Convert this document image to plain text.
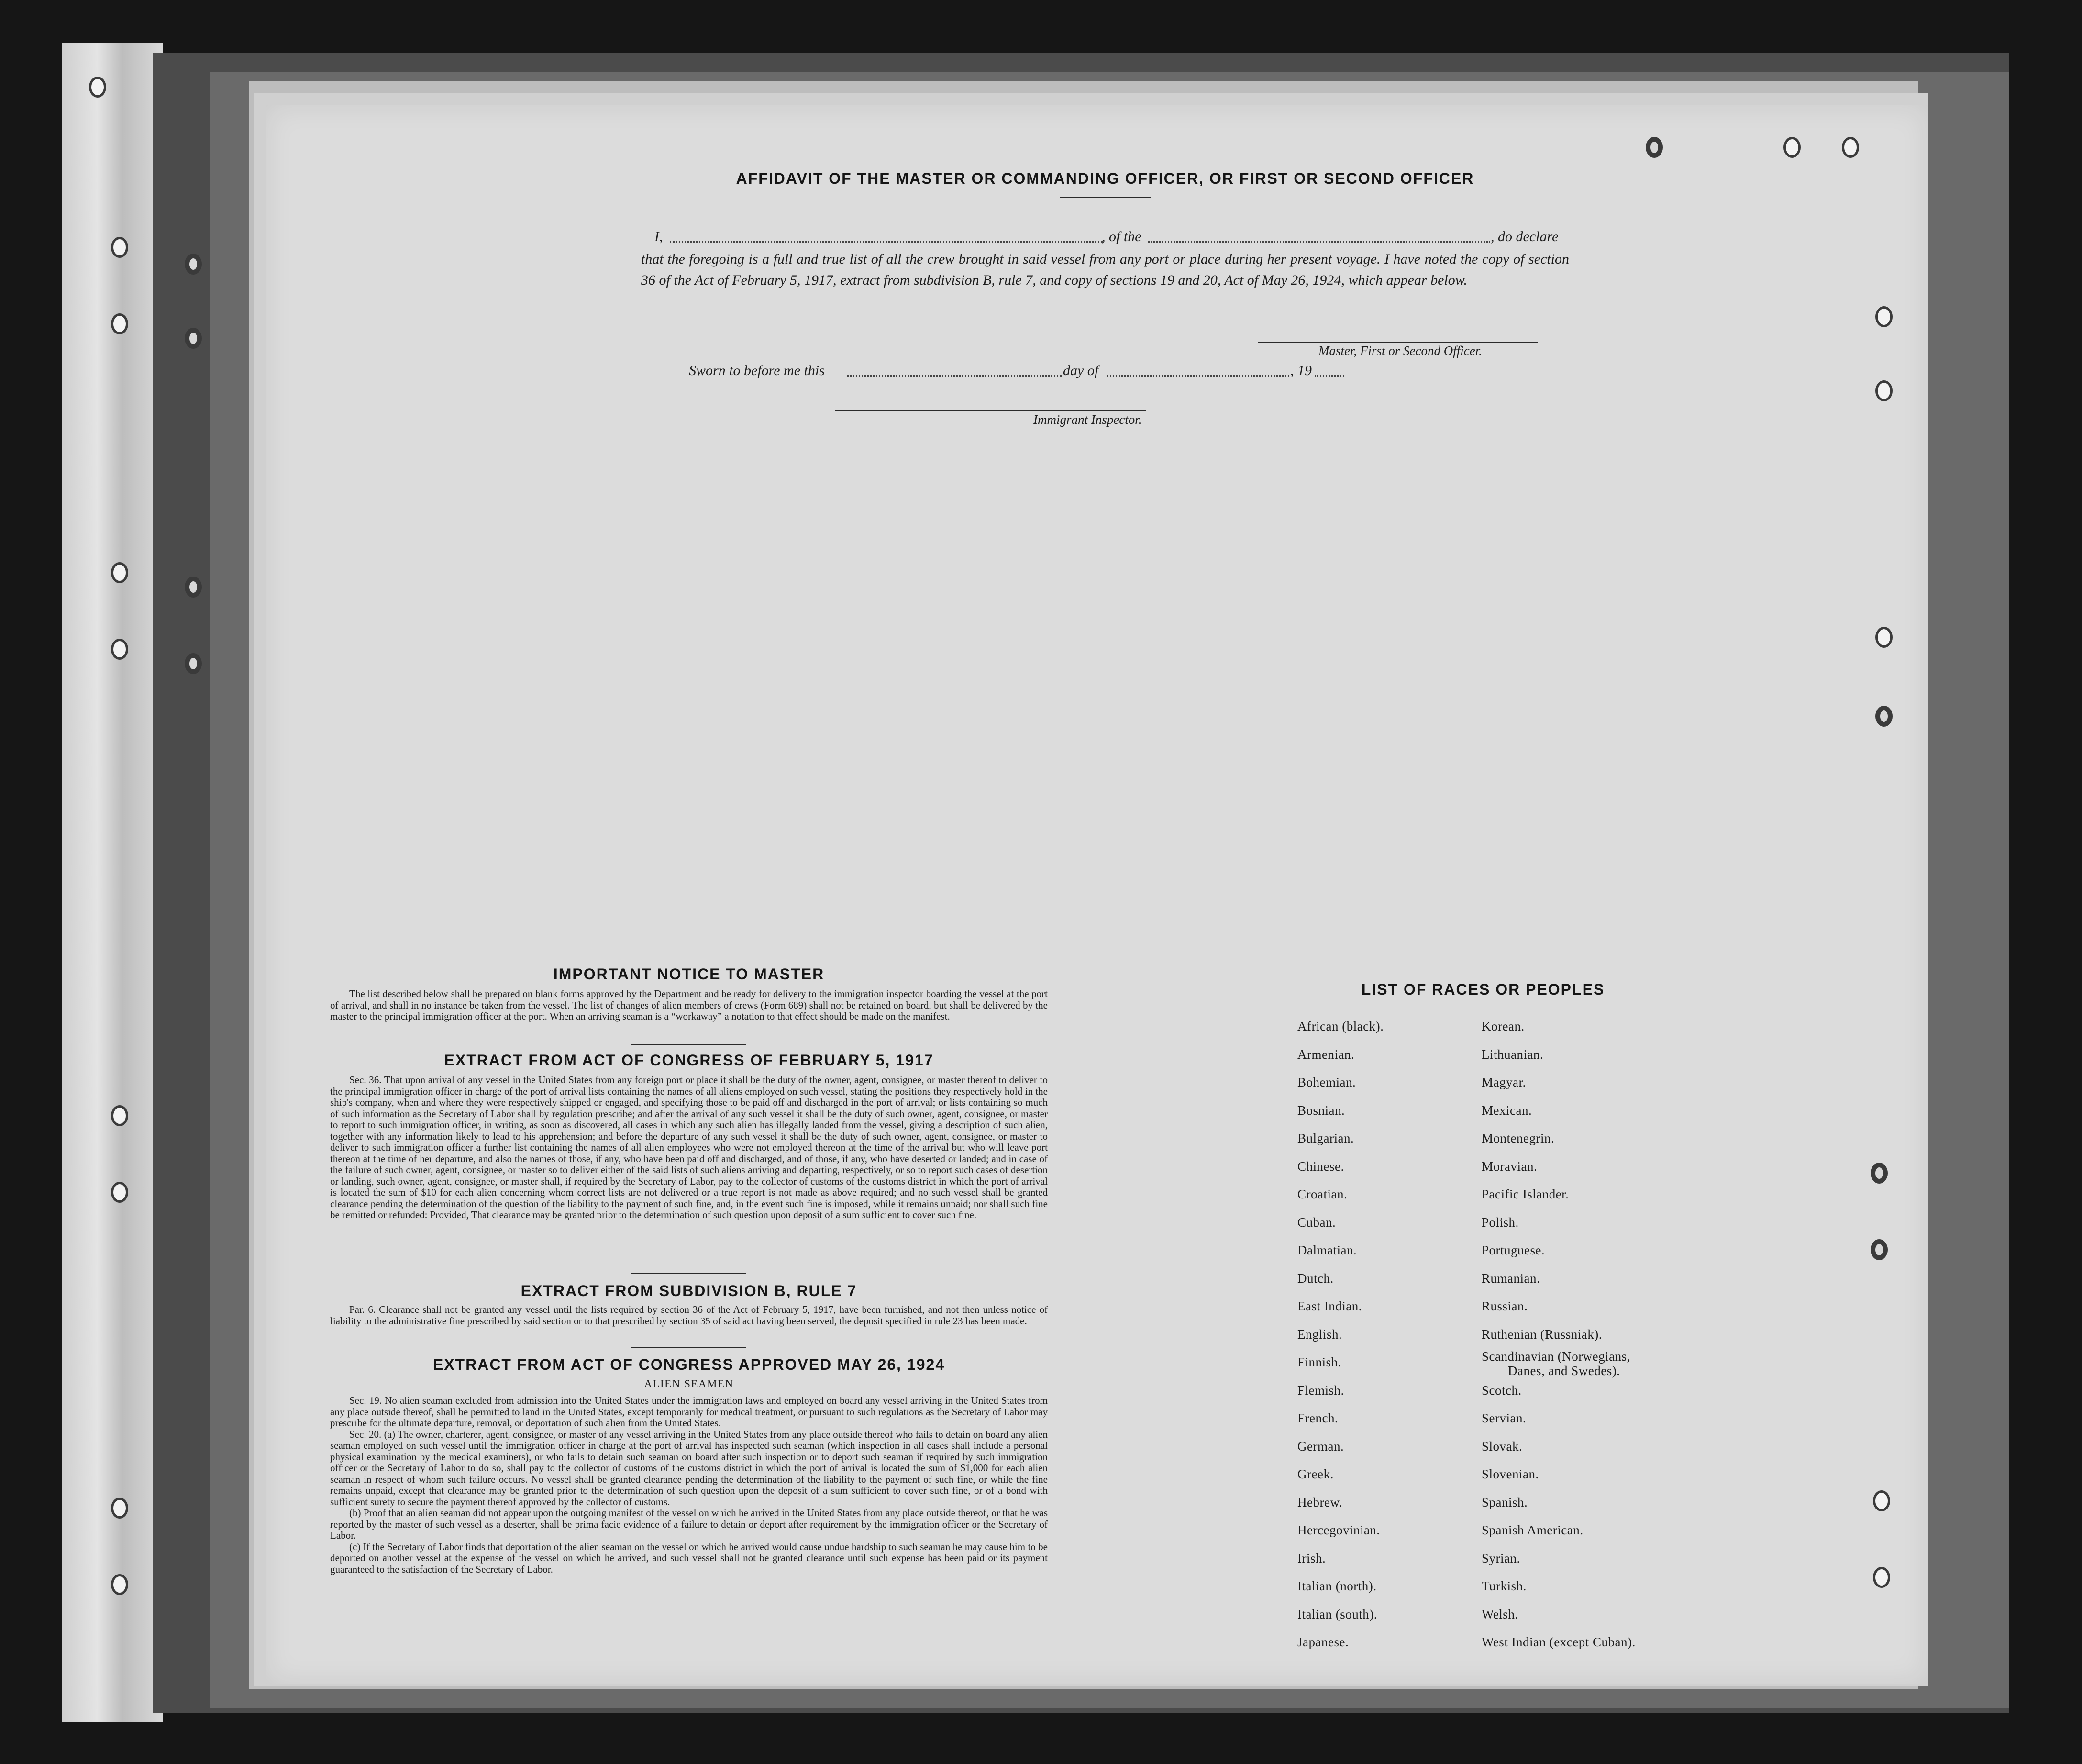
AFFIDAVIT OF THE MASTER OR COMMANDING OFFICER, OR FIRST OR SECOND OFFICER
I,	, of the	, do declare
that the foregoing is a full and true list of all the crew brought in said vessel from any port or place during her present voyage. I have noted the copy of section 36 of the Act of February 5, 1917, extract from subdivision B, rule 7, and copy of sections 19 and 20, Act of May 26, 1924, which appear below.
Master, First or Second Officer.
Sworn to before me this	day of	, 19
Immigrant Inspector.
IMPORTANT NOTICE TO MASTER

The list described below shall be prepared on blank forms approved by the Department and be ready for delivery to the immigration inspector boarding the vessel at the port of arrival, and shall in no instance be taken from the vessel. The list of changes of alien members of crews (Form 689) shall not be retained on board, but shall be delivered by the master to the principal immigration officer at the port. When an arriving seaman is a “workaway” a notation to that effect should be made on the manifest.

EXTRACT FROM ACT OF CONGRESS OF FEBRUARY 5, 1917

Sec. 36. That upon arrival of any vessel in the United States from any foreign port or place it shall be the duty of the owner, agent, consignee, or master thereof to deliver to the principal immigration officer in charge of the port of arrival lists containing the names of all aliens employed on such vessel, stating the positions they respectively hold in the ship's company, when and where they were respectively shipped or engaged, and specifying those to be paid off and discharged in the port of arrival; or lists containing so much of such information as the Secretary of Labor shall by regulation prescribe; and after the arrival of any such vessel it shall be the duty of such owner, agent, consignee, or master to report to such immigration officer, in writing, as soon as discovered, all cases in which any such alien has illegally landed from the vessel, giving a description of such alien, together with any information likely to lead to his apprehension; and before the departure of any such vessel it shall be the duty of such owner, agent, consignee, or master to deliver to such immigration officer a further list containing the names of all alien employees who were not employed thereon at the time of the arrival but who will leave port thereon at the time of her departure, and also the names of those, if any, who have been paid off and discharged, and of those, if any, who have deserted or landed; and in case of the failure of such owner, agent, consignee, or master so to deliver either of the said lists of such aliens arriving and departing, respectively, or so to report such cases of desertion or landing, such owner, agent, consignee, or master shall, if required by the Secretary of Labor, pay to the collector of customs of the customs district in which the port of arrival is located the sum of $10 for each alien concerning whom correct lists are not delivered or a true report is not made as above required; and no such vessel shall be granted clearance pending the determination of the question of the liability to the payment of such fine, and, in the event such fine is imposed, while it remains unpaid; nor shall such fine be remitted or refunded: Provided, That clearance may be granted prior to the determination of such question upon deposit of a sum sufficient to cover such fine.

EXTRACT FROM SUBDIVISION B, RULE 7

Par. 6. Clearance shall not be granted any vessel until the lists required by section 36 of the Act of February 5, 1917, have been furnished, and not then unless notice of liability to the administrative fine prescribed by said section or to that prescribed by section 35 of said act having been served, the deposit specified in rule 23 has been made.

EXTRACT FROM ACT OF CONGRESS APPROVED MAY 26, 1924
ALIEN SEAMEN

Sec. 19. No alien seaman excluded from admission into the United States under the immigration laws and employed on board any vessel arriving in the United States from any place outside thereof, shall be permitted to land in the United States, except temporarily for medical treatment, or pursuant to such regulations as the Secretary of Labor may prescribe for the ultimate departure, removal, or deportation of such alien from the United States.

Sec. 20. (a) The owner, charterer, agent, consignee, or master of any vessel arriving in the United States from any place outside thereof who fails to detain on board any alien seaman employed on such vessel until the immigration officer in charge at the port of arrival has inspected such seaman (which inspection in all cases shall include a personal physical examination by the medical examiners), or who fails to detain such seaman on board after such inspection or to deport such seaman if required by such immigration officer or the Secretary of Labor to do so, shall pay to the collector of customs of the customs district in which the port of arrival is located the sum of $1,000 for each alien seaman in respect of whom such failure occurs. No vessel shall be granted clearance pending the determination of the liability to the payment of such fine, or while the fine remains unpaid, except that clearance may be granted prior to the determination of such question upon the deposit of a sum sufficient to cover such fine, or of a bond with sufficient surety to secure the payment thereof approved by the collector of customs.

(b) Proof that an alien seaman did not appear upon the outgoing manifest of the vessel on which he arrived in the United States from any place outside thereof, or that he was reported by the master of such vessel as a deserter, shall be prima facie evidence of a failure to detain or deport after requirement by the immigration officer or the Secretary of Labor.

(c) If the Secretary of Labor finds that deportation of the alien seaman on the vessel on which he arrived would cause undue hardship to such seaman he may cause him to be deported on another vessel at the expense of the vessel on which he arrived, and such vessel shall not be granted clearance until such expense has been paid or its payment guaranteed to the satisfaction of the Secretary of Labor.

LIST OF RACES OR PEOPLES
African (black).	Korean.
Armenian.	Lithuanian.
Bohemian.	Magyar.
Bosnian.	Mexican.
Bulgarian.	Montenegrin.
Chinese.	Moravian.
Croatian.	Pacific Islander.
Cuban.	Polish.
Dalmatian.	Portuguese.
Dutch.	Rumanian.
East Indian.	Russian.
English.	Ruthenian (Russniak).
Finnish.	Scandinavian (Norwegians,
Danes, and Swedes).
Flemish.	Scotch.
French.	Servian.
German.	Slovak.
Greek.	Slovenian.
Hebrew.	Spanish.
Hercegovinian.	Spanish American.
Irish.	Syrian.
Italian (north).	Turkish.
Italian (south).	Welsh.
Japanese.	West Indian (except Cuban).
